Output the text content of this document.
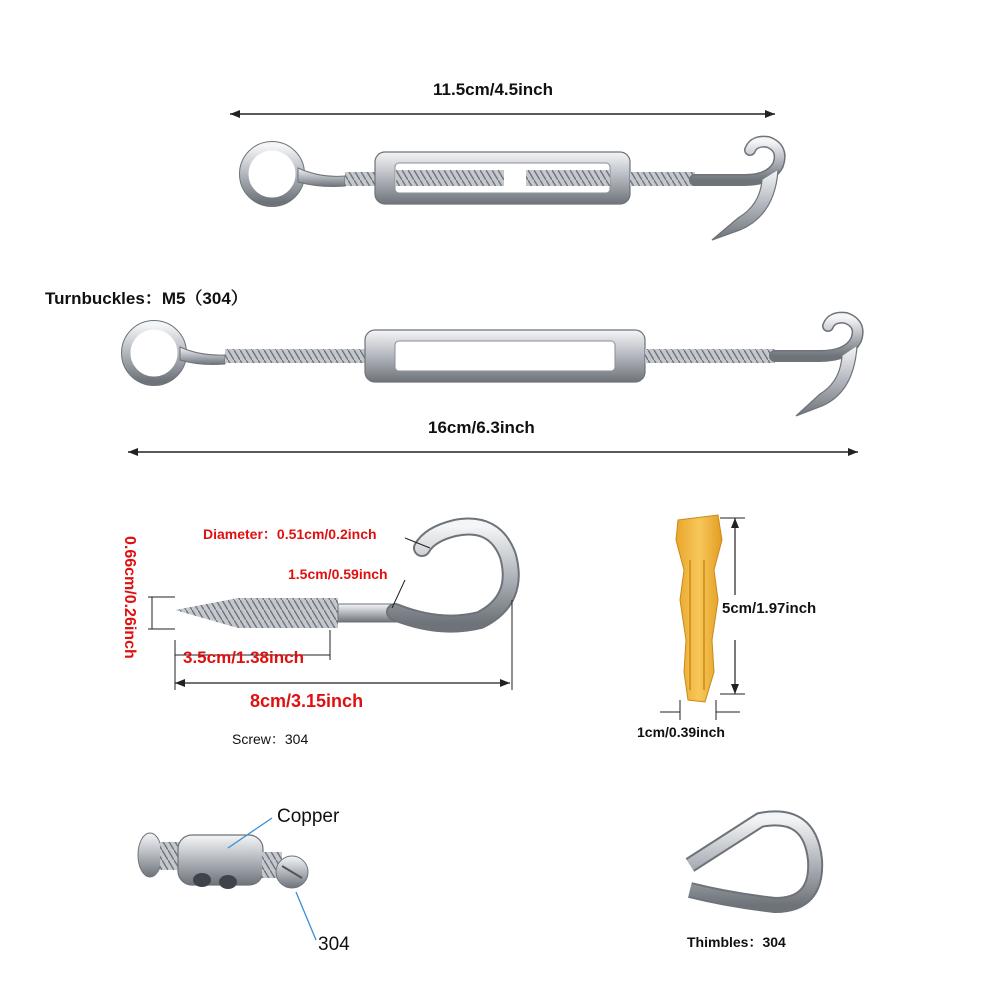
11.5cm/4.5inch
Turnbuckles：M5（304）
16cm/6.3inch
Diameter：0.51cm/0.2inch
1.5cm/0.59inch
0.66cm/0.26inch	3.5cm/1.38inch
8cm/3.15inch
Screw：304
5cm/1.97inch
1cm/0.39inch
Copper
304	Thimbles：304
